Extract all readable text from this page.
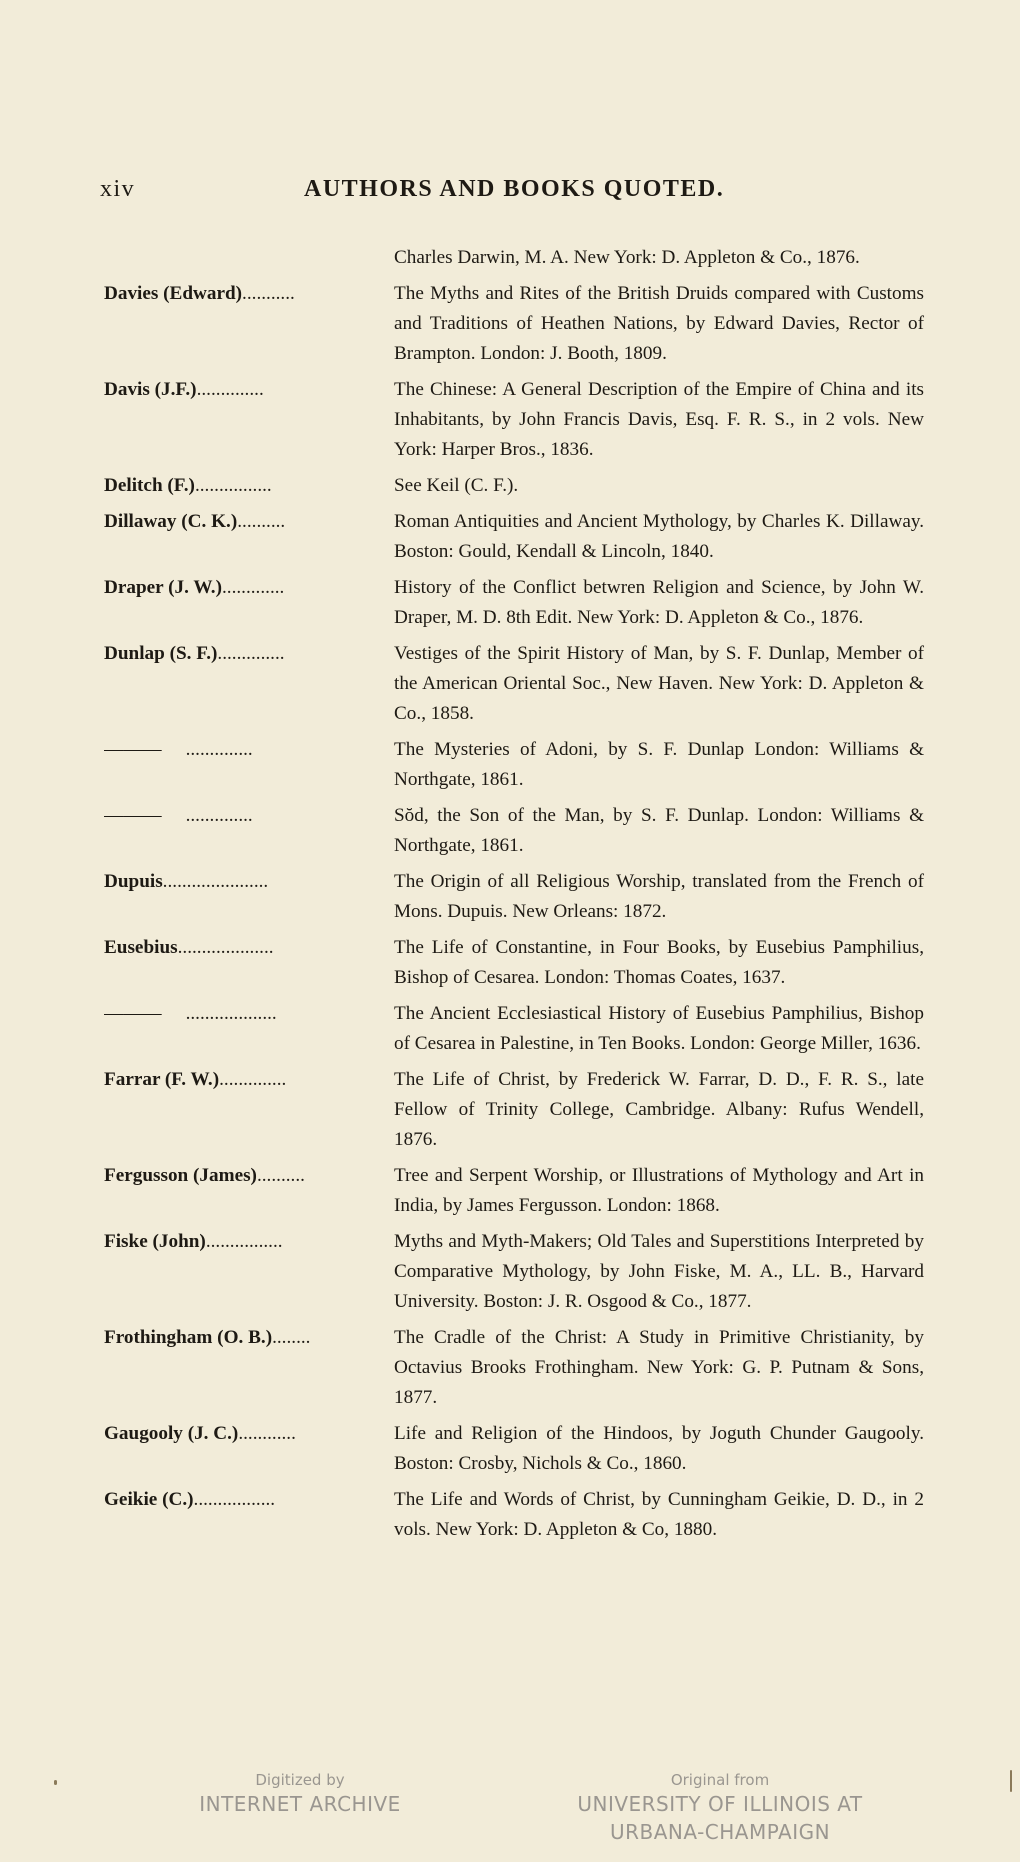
xiv	AUTHORS AND BOOKS QUOTED.
Charles Darwin, M. A. New York: D. Appleton & Co., 1876.
Davies (Edward)...........	The Myths and Rites of the British Druids compared with Customs and Traditions of Heathen Nations, by Edward Davies, Rector of Brampton. London: J. Booth, 1809.
Davis (J.F.)..............	The Chinese: A General Description of the Empire of China and its Inhabitants, by John Francis Davis, Esq. F. R. S., in 2 vols. New York: Harper Bros., 1836.
Delitch (F.)................	See Keil (C. F.).
Dillaway (C. K.)..........	Roman Antiquities and Ancient Mythology, by Charles K. Dillaway. Boston: Gould, Kendall & Lincoln, 1840.
Draper (J. W.).............	History of the Conflict betwren Religion and Science, by John W. Draper, M. D. 8th Edit. New York: D. Appleton & Co., 1876.
Dunlap (S. F.)..............	Vestiges of the Spirit History of Man, by S. F. Dunlap, Member of the American Oriental Soc., New Haven. New York: D. Appleton & Co., 1858.
——— ..............	The Mysteries of Adoni, by S. F. Dunlap London: Williams & Northgate, 1861.
——— ..............	Sŏd, the Son of the Man, by S. F. Dunlap. London: Williams & Northgate, 1861.
Dupuis......................	The Origin of all Religious Worship, translated from the French of Mons. Dupuis. New Orleans: 1872.
Eusebius....................	The Life of Constantine, in Four Books, by Eusebius Pamphilius, Bishop of Cesarea. London: Thomas Coates, 1637.
——— ...................	The Ancient Ecclesiastical History of Eusebius Pamphilius, Bishop of Cesarea in Palestine, in Ten Books. London: George Miller, 1636.
Farrar (F. W.)..............	The Life of Christ, by Frederick W. Farrar, D. D., F. R. S., late Fellow of Trinity College, Cambridge. Albany: Rufus Wendell, 1876.
Fergusson (James)..........	Tree and Serpent Worship, or Illustrations of Mythology and Art in India, by James Fergusson. London: 1868.
Fiske (John)................	Myths and Myth-Makers; Old Tales and Superstitions Interpreted by Comparative Mythology, by John Fiske, M. A., LL. B., Harvard University. Boston: J. R. Osgood & Co., 1877.
Frothingham (O. B.)........	The Cradle of the Christ: A Study in Primitive Christianity, by Octavius Brooks Frothingham. New York: G. P. Putnam & Sons, 1877.
Gaugooly (J. C.)............	Life and Religion of the Hindoos, by Joguth Chunder Gaugooly. Boston: Crosby, Nichols & Co., 1860.
Geikie (C.).................	The Life and Words of Christ, by Cunningham Geikie, D. D., in 2 vols. New York: D. Appleton & Co, 1880.
Digitized by
INTERNET ARCHIVE
Original from
UNIVERSITY OF ILLINOIS AT
URBANA-CHAMPAIGN
